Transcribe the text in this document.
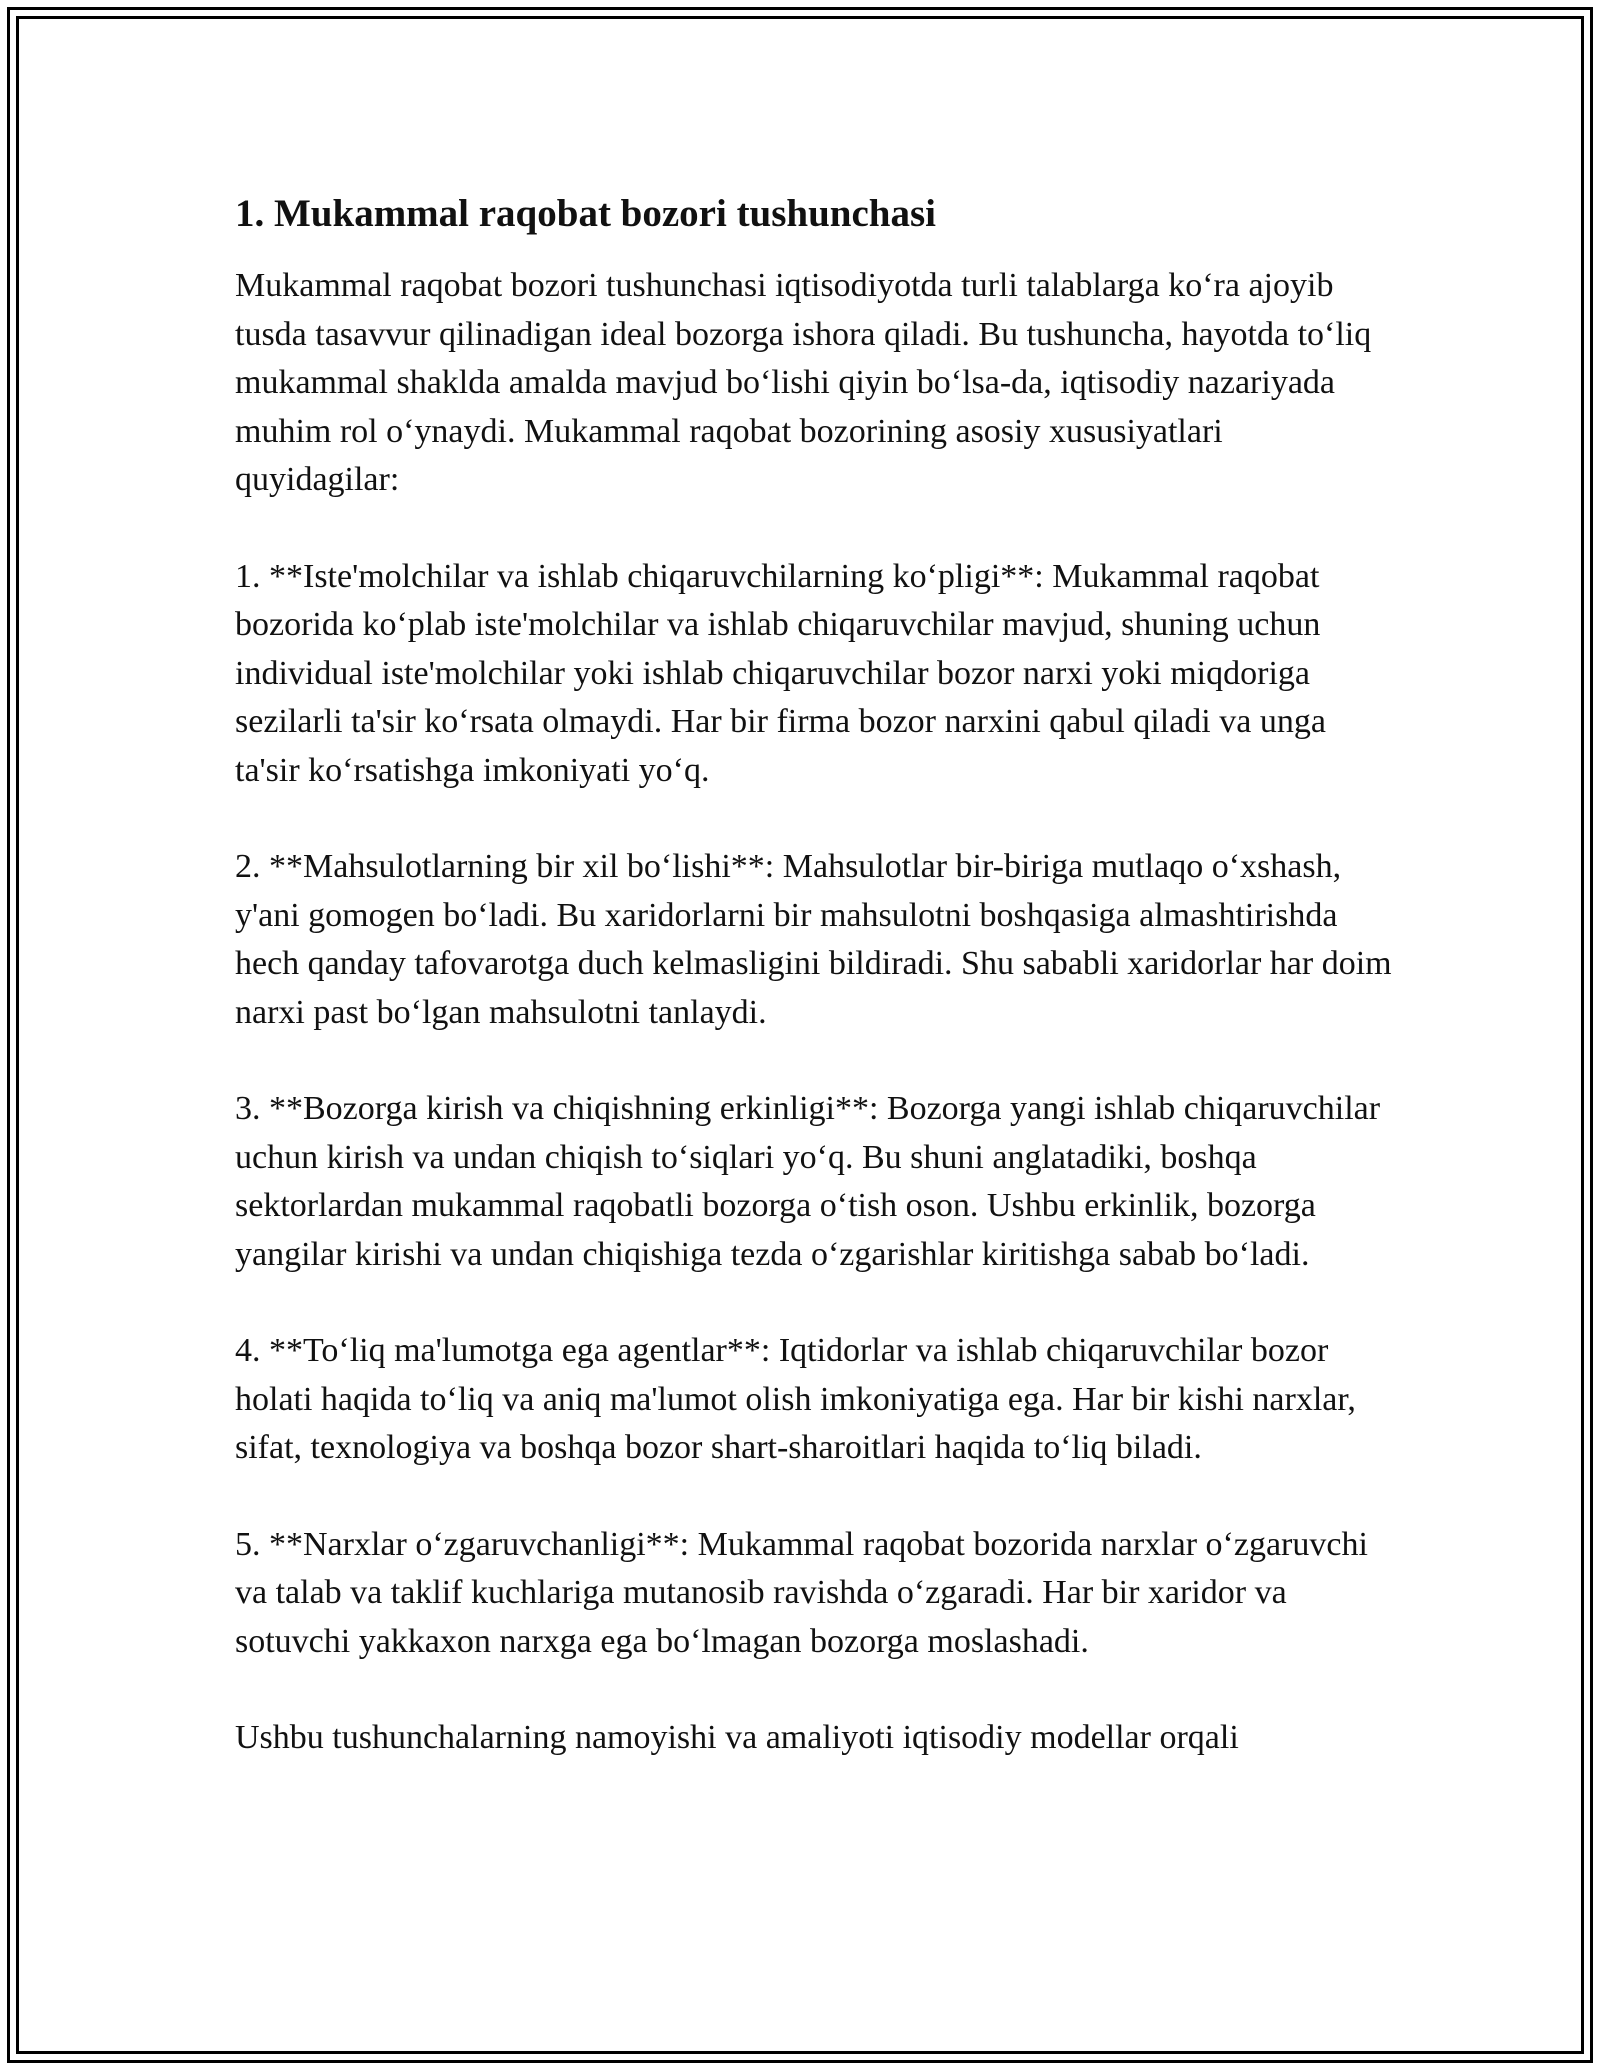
1. Mukammal raqobat bozori tushunchasi

Mukammal raqobat bozori tushunchasi iqtisodiyotda turli talablarga ko‘ra ajoyib tusda tasavvur qilinadigan ideal bozorga ishora qiladi. Bu tushuncha, hayotda to‘liq mukammal shaklda amalda mavjud bo‘lishi qiyin bo‘lsa-da, iqtisodiy nazariyada muhim rol o‘ynaydi. Mukammal raqobat bozorining asosiy xususiyatlari quyidagilar:

1. **Iste'molchilar va ishlab chiqaruvchilarning ko‘pligi**: Mukammal raqobat bozorida ko‘plab iste'molchilar va ishlab chiqaruvchilar mavjud, shuning uchun individual iste'molchilar yoki ishlab chiqaruvchilar bozor narxi yoki miqdoriga sezilarli ta'sir ko‘rsata olmaydi. Har bir firma bozor narxini qabul qiladi va unga ta'sir ko‘rsatishga imkoniyati yo‘q.

2. **Mahsulotlarning bir xil bo‘lishi**: Mahsulotlar bir-biriga mutlaqo o‘xshash, y'ani gomogen bo‘ladi. Bu xaridorlarni bir mahsulotni boshqasiga almashtirishda hech qanday tafovarotga duch kelmasligini bildiradi. Shu sababli xaridorlar har doim narxi past bo‘lgan mahsulotni tanlaydi.

3. **Bozorga kirish va chiqishning erkinligi**: Bozorga yangi ishlab chiqaruvchilar uchun kirish va undan chiqish to‘siqlari yo‘q. Bu shuni anglatadiki, boshqa sektorlardan mukammal raqobatli bozorga o‘tish oson. Ushbu erkinlik, bozorga yangilar kirishi va undan chiqishiga tezda o‘zgarishlar kiritishga sabab bo‘ladi.

4. **To‘liq ma'lumotga ega agentlar**: Iqtidorlar va ishlab chiqaruvchilar bozor holati haqida to‘liq va aniq ma'lumot olish imkoniyatiga ega. Har bir kishi narxlar, sifat, texnologiya va boshqa bozor shart-sharoitlari haqida to‘liq biladi.

5. **Narxlar o‘zgaruvchanligi**: Mukammal raqobat bozorida narxlar o‘zgaruvchi va talab va taklif kuchlariga mutanosib ravishda o‘zgaradi. Har bir xaridor va sotuvchi yakkaxon narxga ega bo‘lmagan bozorga moslashadi.

Ushbu tushunchalarning namoyishi va amaliyoti iqtisodiy modellar orqali
